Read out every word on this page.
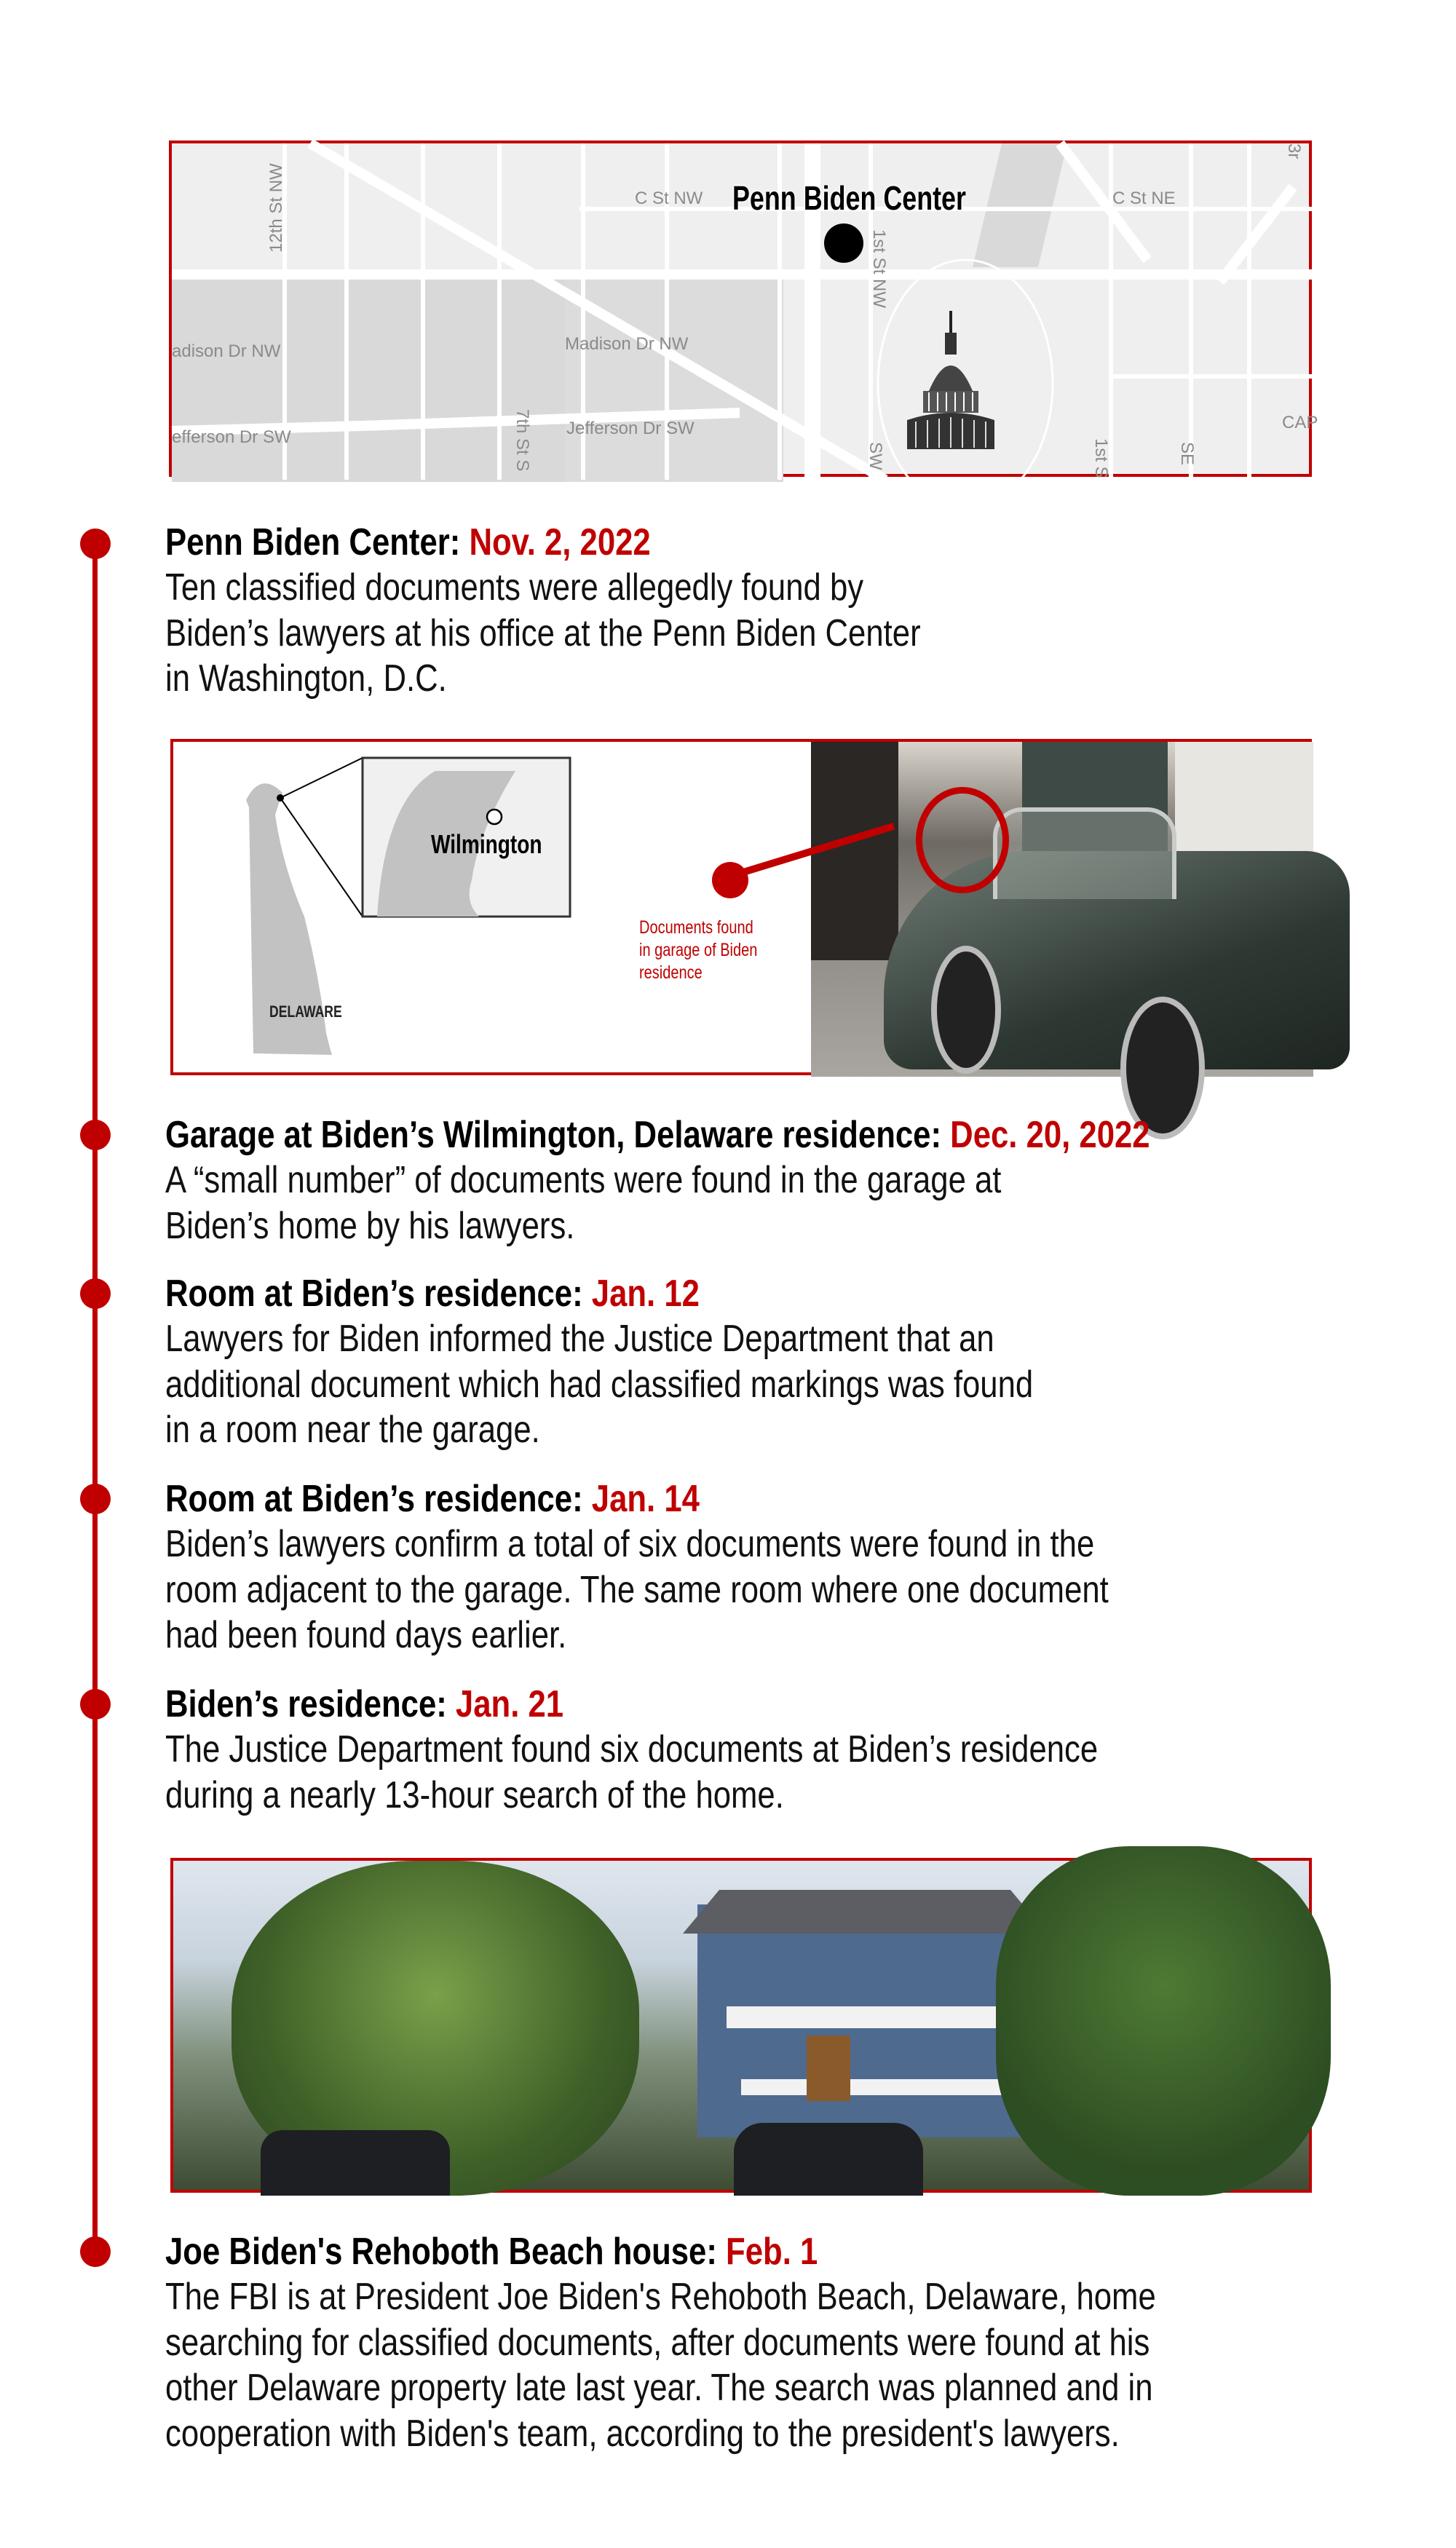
12th St NW	C St NW	C St NE
adison Dr NW	Madison Dr NW
efferson Dr SW	Jefferson Dr SW
7th St S
1st St NW
SW	1st S	SE
CAP
3r
Penn Biden Center
Penn Biden Center: Nov. 2, 2022
Ten classified documents were allegedly found by
Biden’s lawyers at his office at the Penn Biden Center
in Washington, D.C.
Wilmington
DELAWARE
Documents found
in garage of Biden
residence
Garage at Biden’s Wilmington, Delaware residence: Dec. 20, 2022
A “small number” of documents were found in the garage at
Biden’s home by his lawyers.
Room at Biden’s residence: Jan. 12
Lawyers for Biden informed the Justice Department that an
additional document which had classified markings was found
in a room near the garage.
Room at Biden’s residence: Jan. 14
Biden’s lawyers confirm a total of six documents were found in the
room adjacent to the garage. The same room where one document
had been found days earlier.
Biden’s residence: Jan. 21
The Justice Department found six documents at Biden’s residence
during a nearly 13-hour search of the home.
Joe Biden's Rehoboth Beach house: Feb. 1
The FBI is at President Joe Biden's Rehoboth Beach, Delaware, home
searching for classified documents, after documents were found at his
other Delaware property late last year. The search was planned and in
cooperation with Biden's team, according to the president's lawyers.
